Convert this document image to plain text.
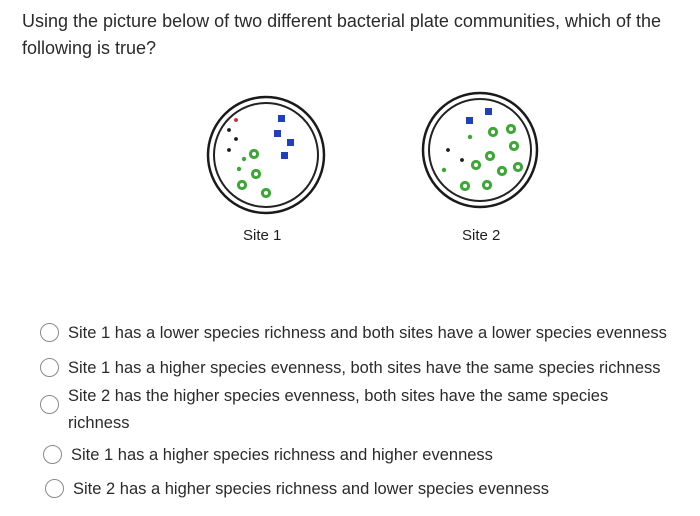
Using the picture below of two different bacterial plate communities, which of the following is true?
Site 1	Site 2
Site 1 has a lower species richness and both sites have a lower species evenness
Site 1 has a higher species evenness, both sites have the same species richness
Site 2 has the higher species evenness, both sites have the same species richness
Site 1 has a higher species richness and higher evenness
Site 2 has a higher species richness and lower species evenness
